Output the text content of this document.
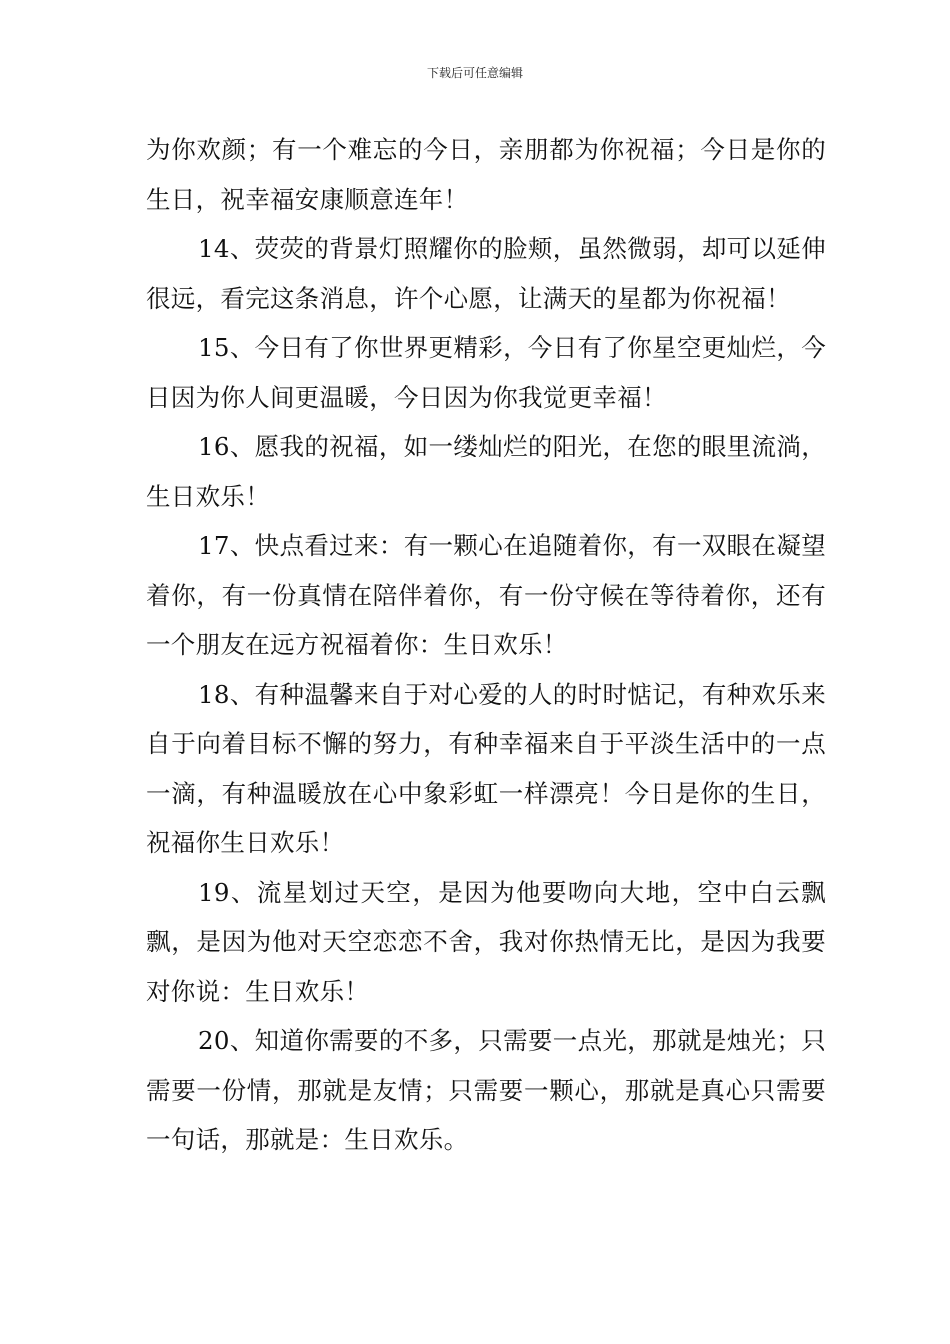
下载后可任意编辑

为你欢颜；有一个难忘的今日，亲朋都为你祝福；今日是你的生日，祝幸福安康顺意连年！

14、荧荧的背景灯照耀你的脸颊，虽然微弱，却可以延伸很远，看完这条消息，许个心愿，让满天的星都为你祝福！

15、今日有了你世界更精彩，今日有了你星空更灿烂，今日因为你人间更温暖，今日因为你我觉更幸福！

16、愿我的祝福，如一缕灿烂的阳光，在您的眼里流淌，生日欢乐！

17、快点看过来：有一颗心在追随着你，有一双眼在凝望着你，有一份真情在陪伴着你，有一份守候在等待着你，还有一个朋友在远方祝福着你：生日欢乐！

18、有种温馨来自于对心爱的人的时时惦记，有种欢乐来自于向着目标不懈的努力，有种幸福来自于平淡生活中的一点一滴，有种温暖放在心中象彩虹一样漂亮！今日是你的生日，祝福你生日欢乐！

19、流星划过天空，是因为他要吻向大地，空中白云飘飘，是因为他对天空恋恋不舍，我对你热情无比，是因为我要对你说：生日欢乐！

20、知道你需要的不多，只需要一点光，那就是烛光；只需要一份情，那就是友情；只需要一颗心，那就是真心只需要一句话，那就是：生日欢乐。
